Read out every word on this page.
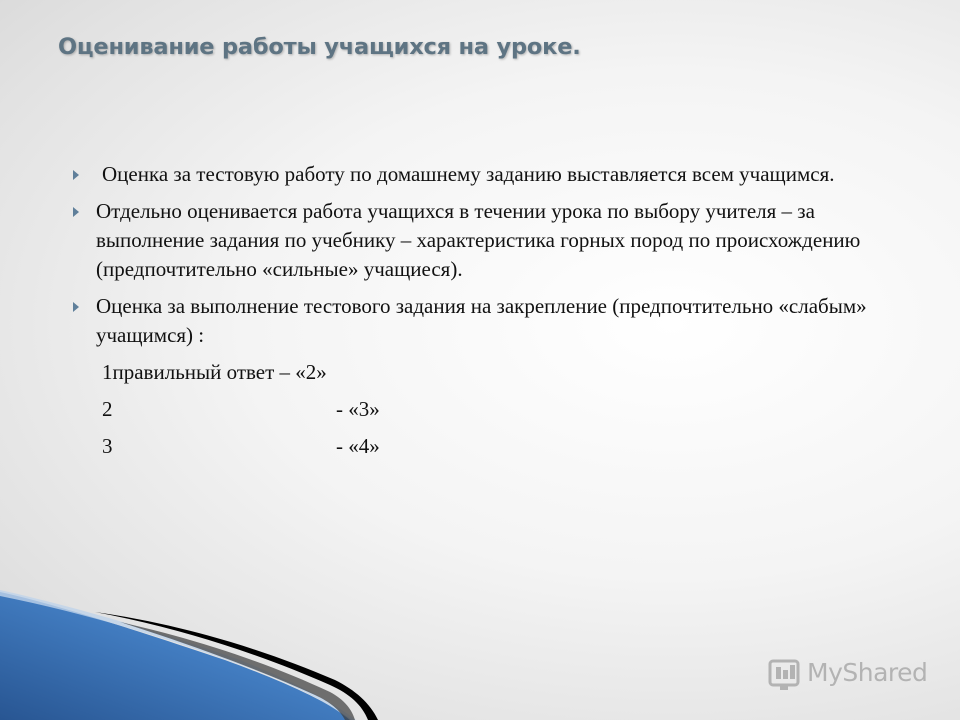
Оценивание работы учащихся на уроке.
Оценка за тестовую работу по домашнему заданию выставляется всем учащимся.
Отдельно оценивается работа учащихся в течении урока по выбору учителя – за выполнение задания по учебнику – характеристика горных пород по происхождению (предпочтительно «сильные» учащиеся).
Оценка за выполнение тестового задания на закрепление (предпочтительно «слабым» учащимся) :
1правильный ответ – «2»
2	- «3»
3	- «4»
MyShared
